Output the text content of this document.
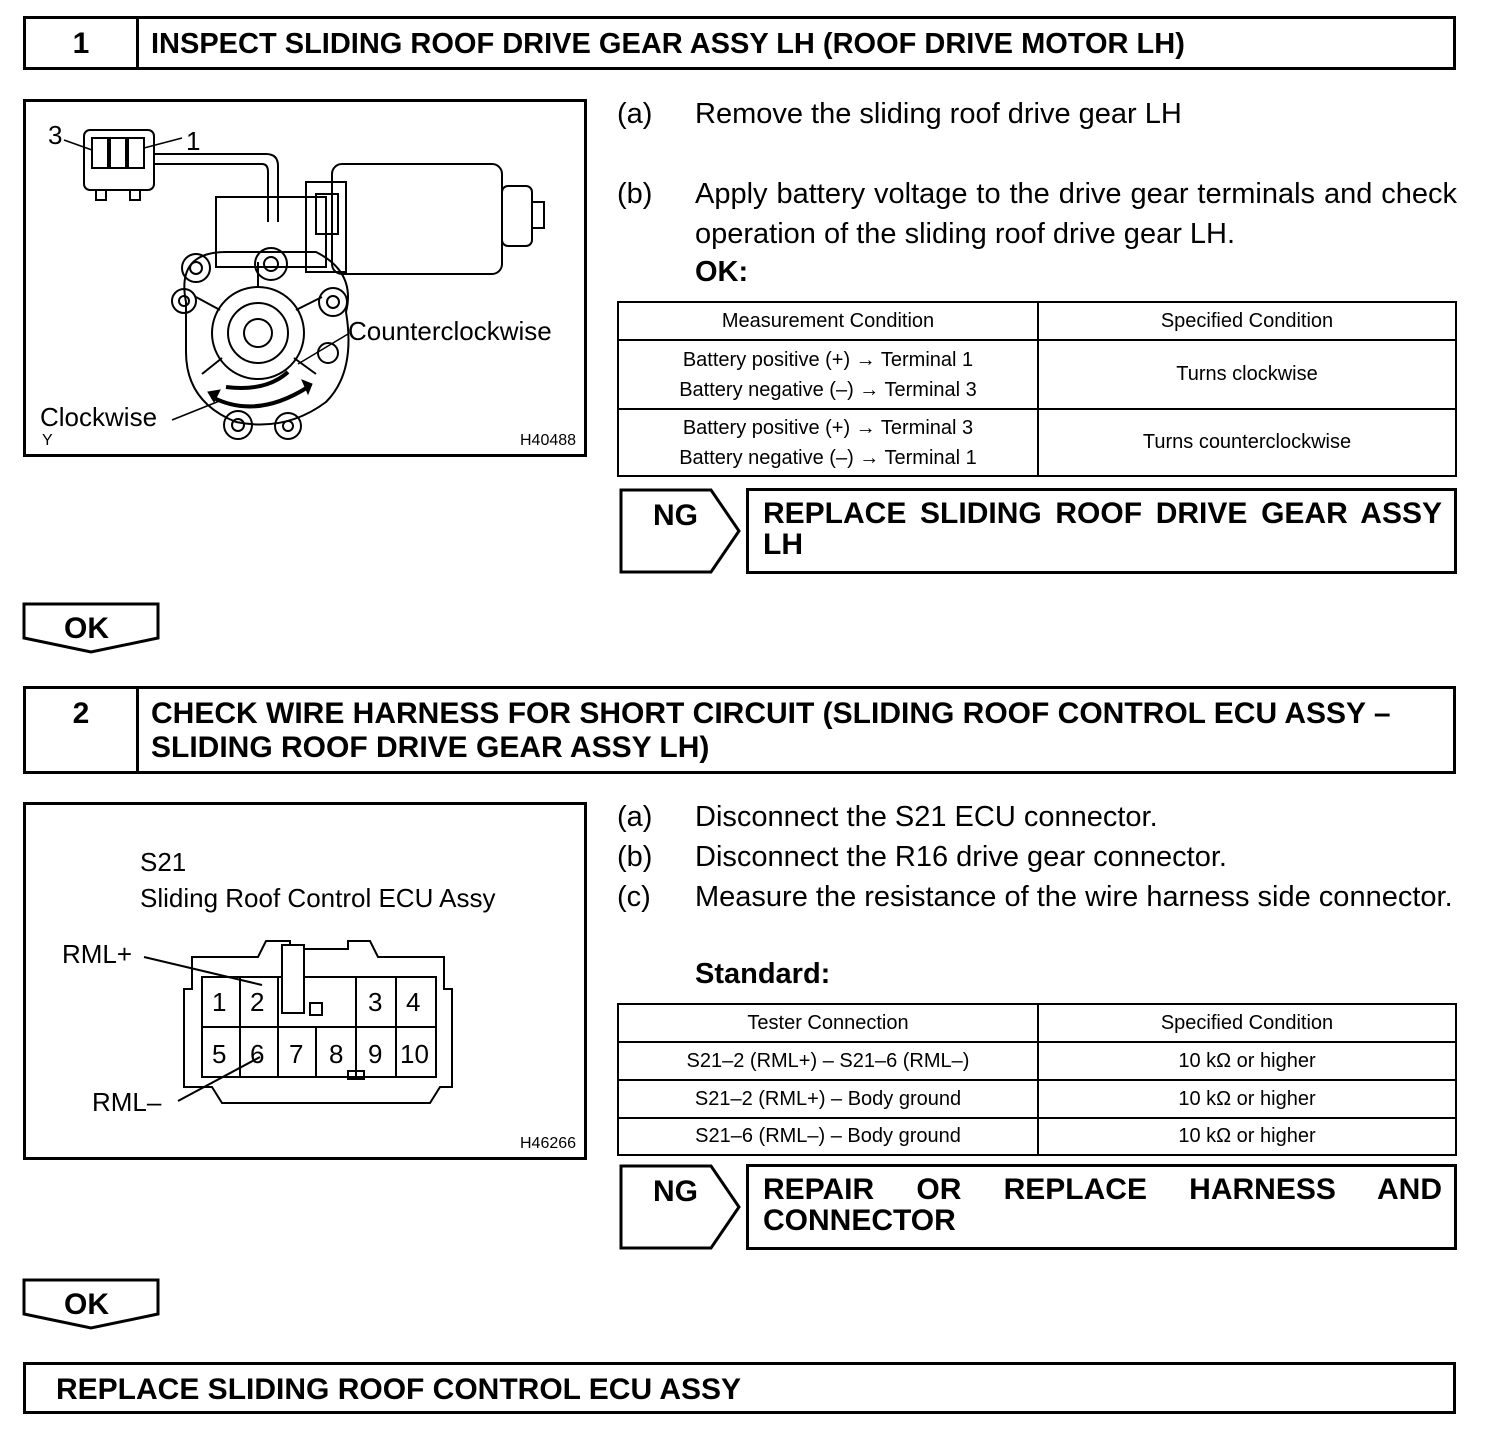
1	INSPECT SLIDING ROOF DRIVE GEAR ASSY LH (ROOF DRIVE MOTOR LH)
3	1
Counterclockwise
Clockwise
Y	H40488
(a) Remove the sliding roof drive gear LH
(b) Apply battery voltage to the drive gear terminals and check operation of the sliding roof drive gear LH.
OK:
Measurement Condition	Specified Condition

Battery positive (+) → Terminal 1
Battery negative (–) → Terminal 3	Turns clockwise

Battery positive (+) → Terminal 3
Battery negative (–) → Terminal 1	Turns counterclockwise
NG	REPLACE SLIDING ROOF DRIVE GEAR ASSY LH
OK
2	CHECK WIRE HARNESS FOR SHORT CIRCUIT (SLIDING ROOF CONTROL ECU ASSY – SLIDING ROOF DRIVE GEAR ASSY LH)
S21
Sliding Roof Control ECU Assy
RML+
RML–
1 2	3 4
5 6 7 8 9 10
H46266
(a) Disconnect the S21 ECU connector.
(b) Disconnect the R16 drive gear connector.
(c) Measure the resistance of the wire harness side connector.
Standard:
Tester Connection	Specified Condition
S21–2 (RML+) – S21–6 (RML–)	10 kΩ or higher
S21–2 (RML+) – Body ground	10 kΩ or higher
S21–6 (RML–) – Body ground	10 kΩ or higher
NG	REPAIR OR REPLACE HARNESS AND CONNECTOR
OK
REPLACE SLIDING ROOF CONTROL ECU ASSY
